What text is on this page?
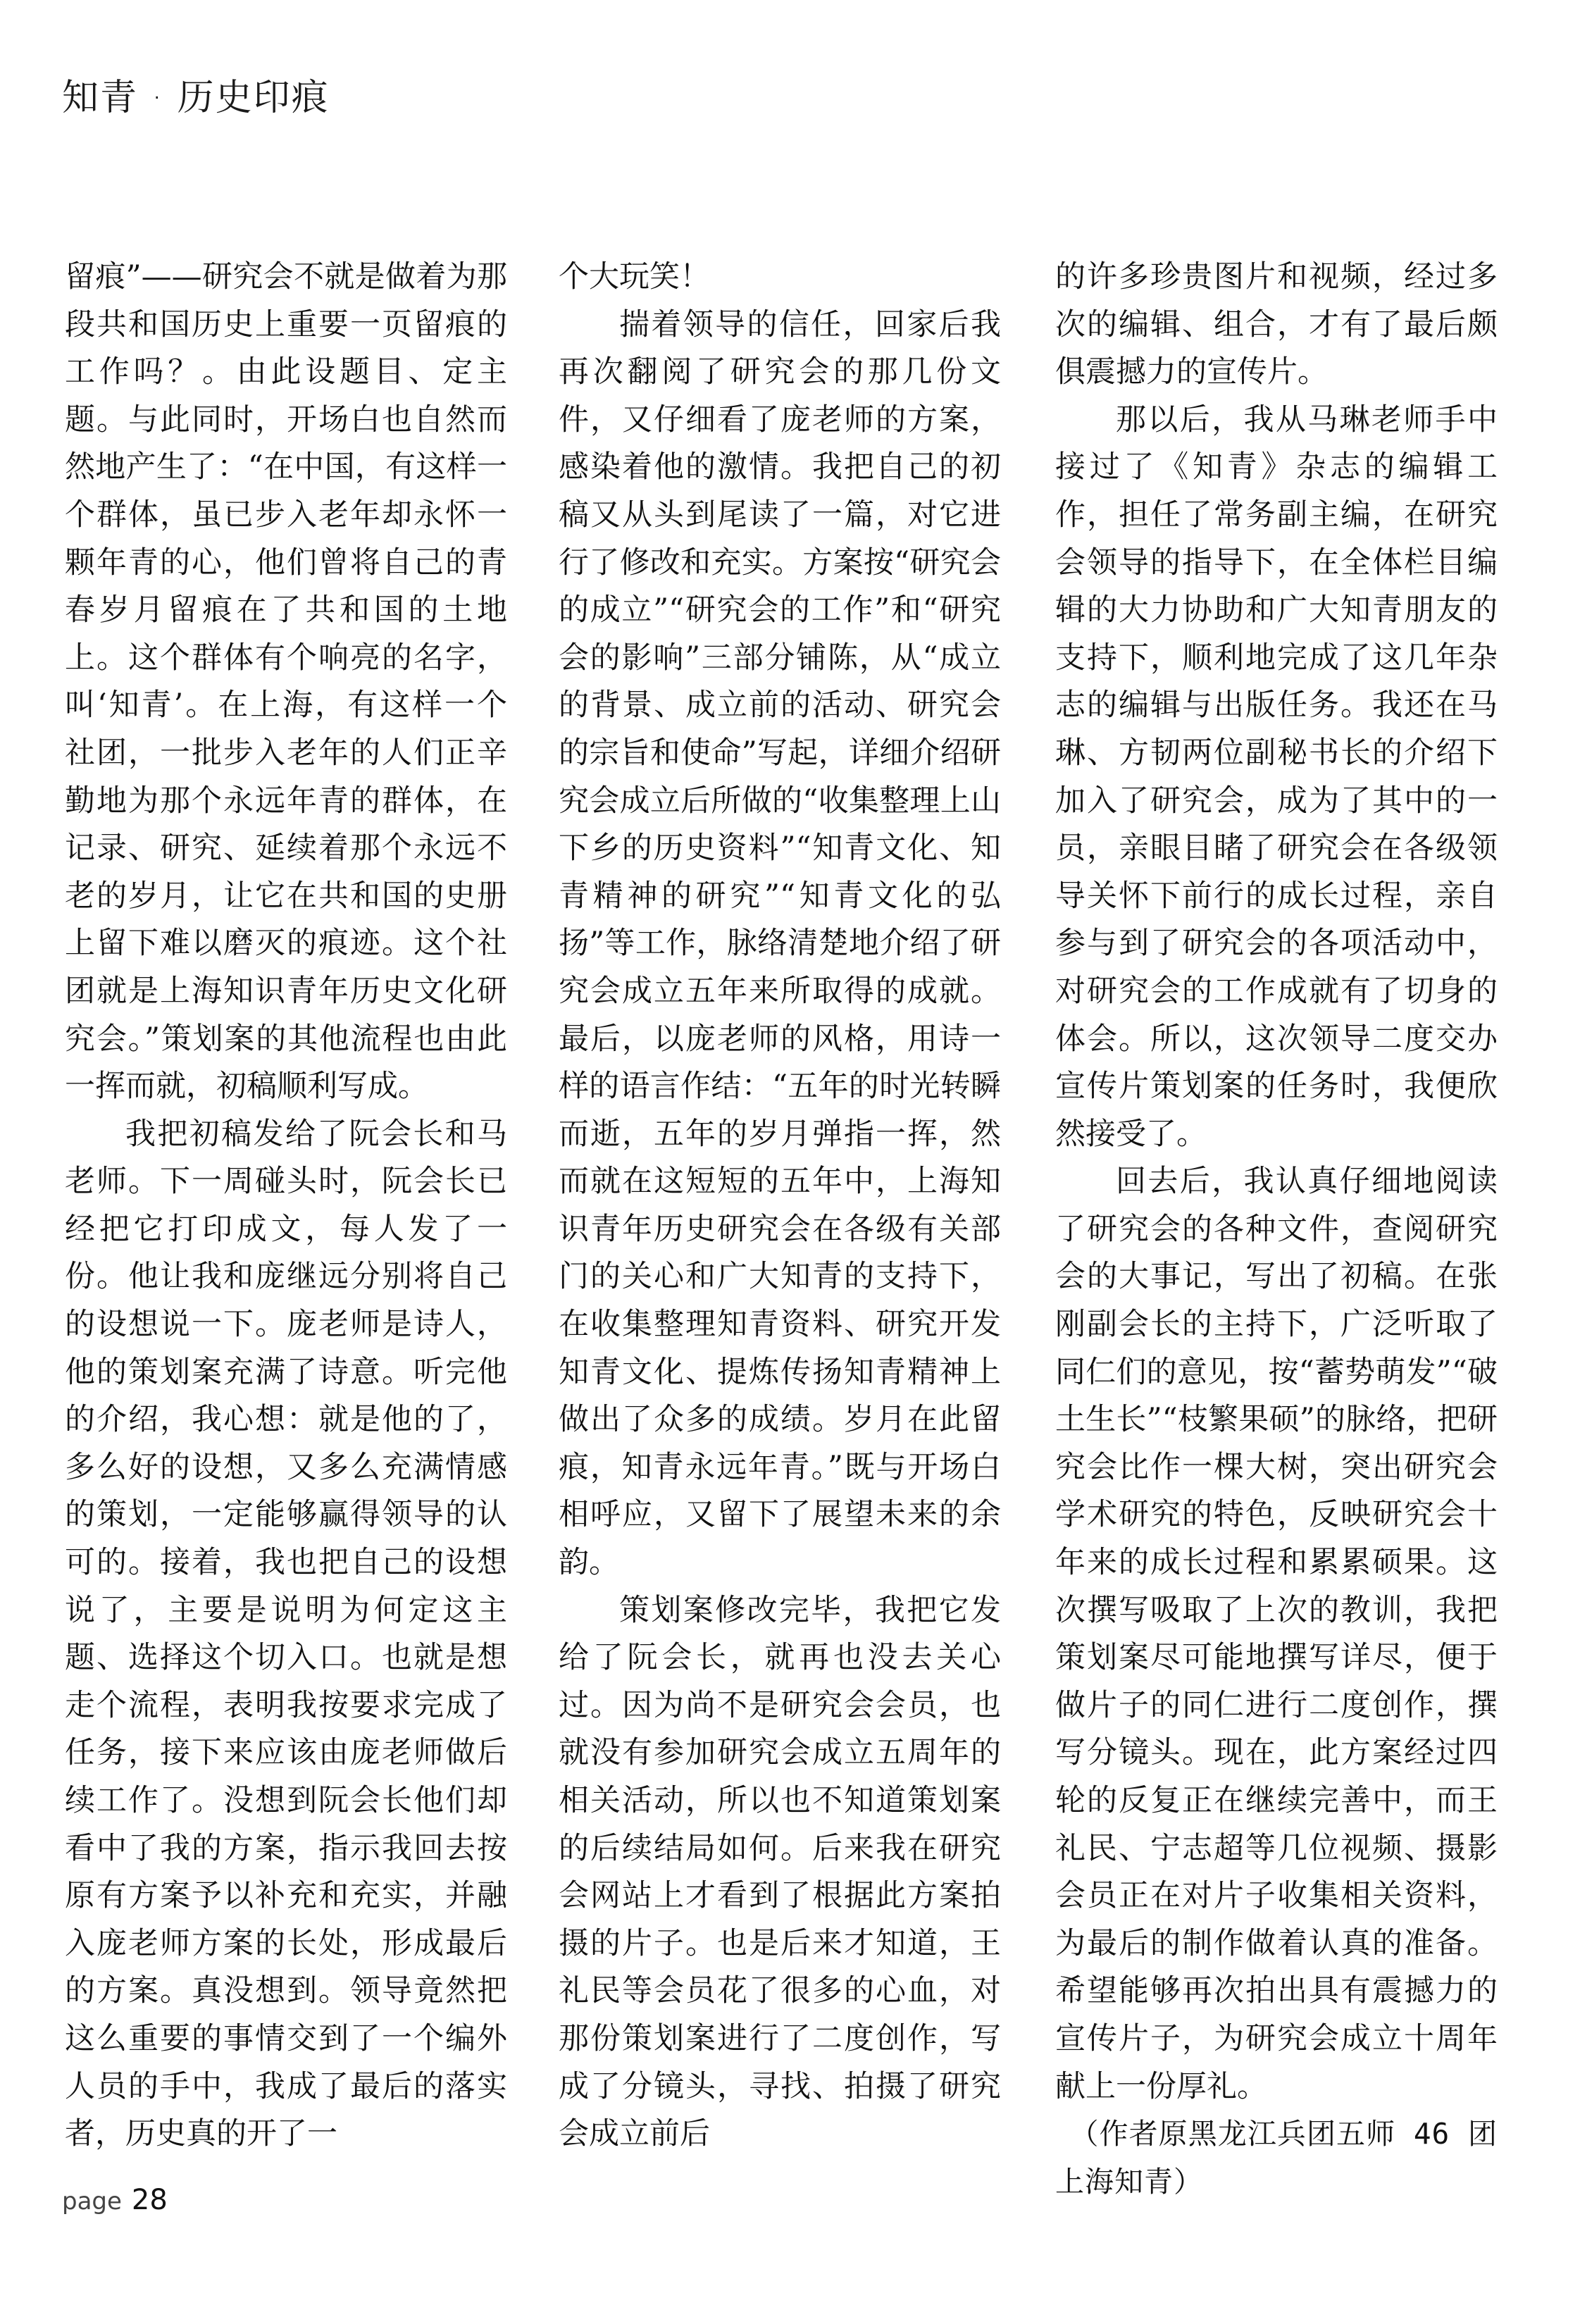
知青 · 历史印痕

留痕”——研究会不就是做着为那段共和国历史上重要一页留痕的工作吗？。由此设题目、定主题。与此同时，开场白也自然而然地产生了：“在中国，有这样一个群体，虽已步入老年却永怀一颗年青的心，他们曾将自己的青春岁月留痕在了共和国的土地上。这个群体有个响亮的名字，叫‘知青’。在上海，有这样一个社团，一批步入老年的人们正辛勤地为那个永远年青的群体，在记录、研究、延续着那个永远不老的岁月，让它在共和国的史册上留下难以磨灭的痕迹。这个社团就是上海知识青年历史文化研究会。”策划案的其他流程也由此一挥而就，初稿顺利写成。

我把初稿发给了阮会长和马老师。下一周碰头时，阮会长已经把它打印成文，每人发了一份。他让我和庞继远分别将自己的设想说一下。庞老师是诗人，他的策划案充满了诗意。听完他的介绍，我心想：就是他的了，多么好的设想，又多么充满情感的策划，一定能够赢得领导的认可的。接着，我也把自己的设想说了，主要是说明为何定这主题、选择这个切入口。也就是想走个流程，表明我按要求完成了任务，接下来应该由庞老师做后续工作了。没想到阮会长他们却看中了我的方案，指示我回去按原有方案予以补充和充实，并融入庞老师方案的长处，形成最后的方案。真没想到。领导竟然把这么重要的事情交到了一个编外人员的手中，我成了最后的落实者，历史真的开了一

个大玩笑！

揣着领导的信任，回家后我再次翻阅了研究会的那几份文件，又仔细看了庞老师的方案，感染着他的激情。我把自己的初稿又从头到尾读了一篇，对它进行了修改和充实。方案按“研究会的成立”“研究会的工作”和“研究会的影响”三部分铺陈，从“成立的背景、成立前的活动、研究会的宗旨和使命”写起，详细介绍研究会成立后所做的“收集整理上山下乡的历史资料”“知青文化、知青精神的研究”“知青文化的弘扬”等工作，脉络清楚地介绍了研究会成立五年来所取得的成就。最后，以庞老师的风格，用诗一样的语言作结：“五年的时光转瞬而逝，五年的岁月弹指一挥，然而就在这短短的五年中，上海知识青年历史研究会在各级有关部门的关心和广大知青的支持下，在收集整理知青资料、研究开发知青文化、提炼传扬知青精神上做出了众多的成绩。岁月在此留痕，知青永远年青。”既与开场白相呼应，又留下了展望未来的余韵。

策划案修改完毕，我把它发给了阮会长，就再也没去关心过。因为尚不是研究会会员，也就没有参加研究会成立五周年的相关活动，所以也不知道策划案的后续结局如何。后来我在研究会网站上才看到了根据此方案拍摄的片子。也是后来才知道，王礼民等会员花了很多的心血，对那份策划案进行了二度创作，写成了分镜头，寻找、拍摄了研究会成立前后

的许多珍贵图片和视频，经过多次的编辑、组合，才有了最后颇俱震撼力的宣传片。

那以后，我从马琳老师手中接过了《知青》杂志的编辑工作，担任了常务副主编，在研究会领导的指导下，在全体栏目编辑的大力协助和广大知青朋友的支持下，顺利地完成了这几年杂志的编辑与出版任务。我还在马琳、方韧两位副秘书长的介绍下加入了研究会，成为了其中的一员，亲眼目睹了研究会在各级领导关怀下前行的成长过程，亲自参与到了研究会的各项活动中，对研究会的工作成就有了切身的体会。所以，这次领导二度交办宣传片策划案的任务时，我便欣然接受了。

回去后，我认真仔细地阅读了研究会的各种文件，查阅研究会的大事记，写出了初稿。在张刚副会长的主持下，广泛听取了同仁们的意见，按“蓄势萌发”“破土生长”“枝繁果硕”的脉络，把研究会比作一棵大树，突出研究会学术研究的特色，反映研究会十年来的成长过程和累累硕果。这次撰写吸取了上次的教训，我把策划案尽可能地撰写详尽，便于做片子的同仁进行二度创作，撰写分镜头。现在，此方案经过四轮的反复正在继续完善中，而王礼民、宁志超等几位视频、摄影会员正在对片子收集相关资料，为最后的制作做着认真的准备。希望能够再次拍出具有震撼力的宣传片子，为研究会成立十周年献上一份厚礼。

（作者原黑龙江兵团五师 46 团上海知青）

page 28
